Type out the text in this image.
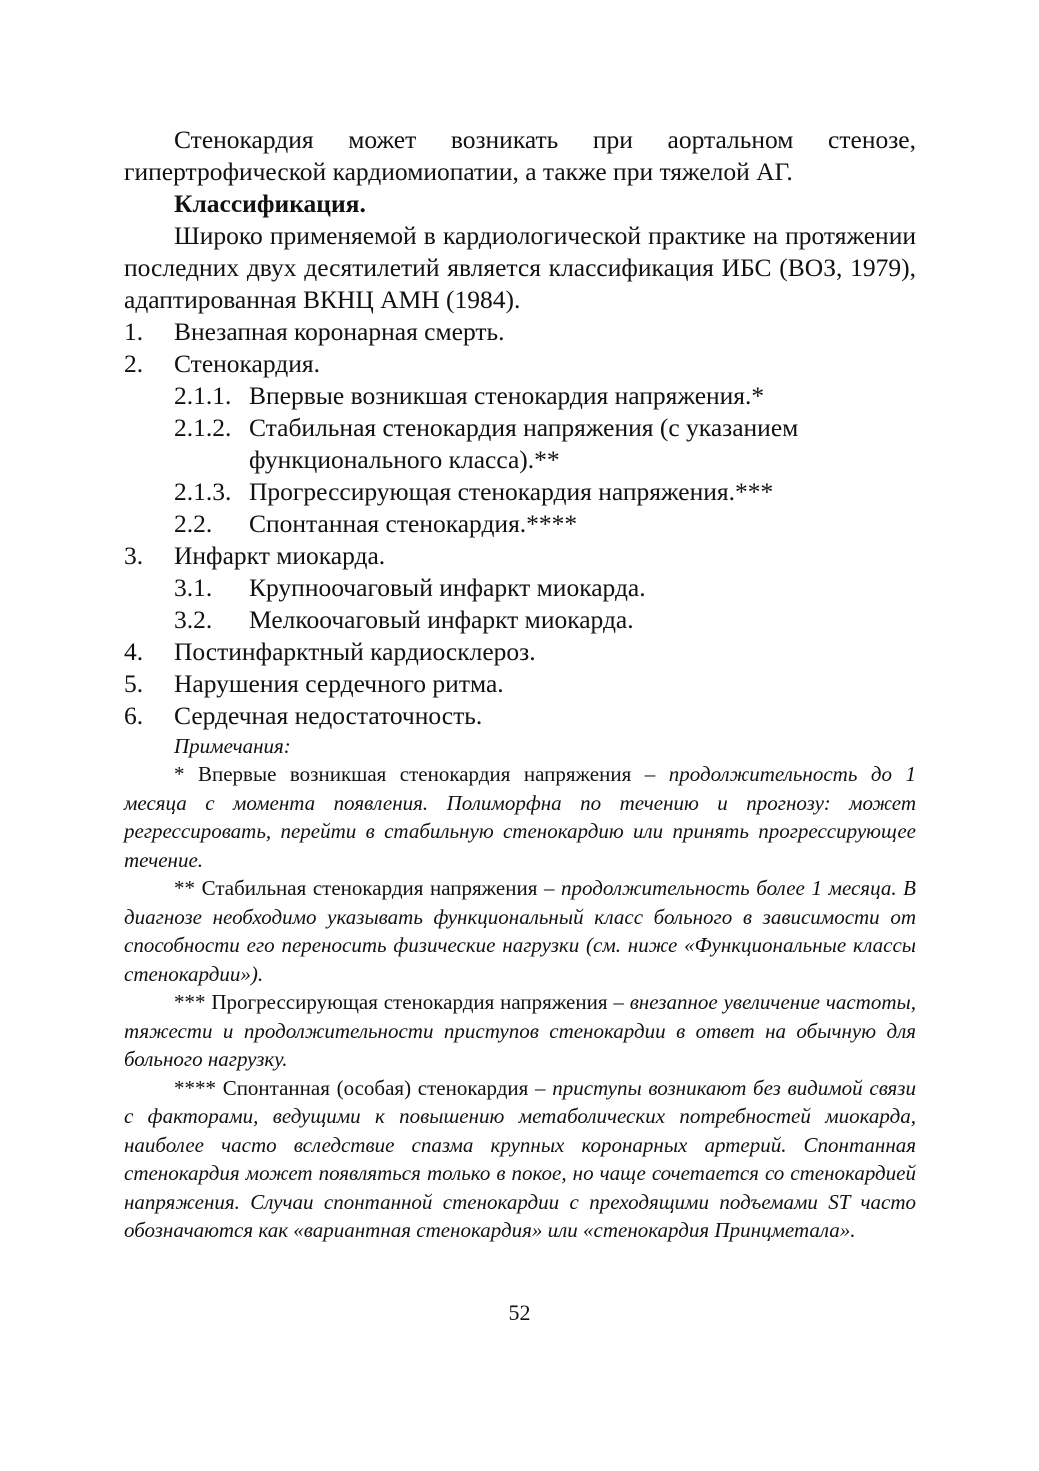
Стенокардия может возникать при аортальном стенозе, гипертрофической кардиомиопатии, а также при тяжелой АГ.

Классификация.

Широко применяемой в кардиологической практике на протяжении последних двух десятилетий является классификация ИБС (ВОЗ, 1979), адаптированная ВКНЦ АМН (1984).

1.	Внезапная коронарная смерть.
2.	Стенокардия.
2.1.1. Впервые возникшая стенокардия напряжения.*
2.1.2. Стабильная стенокардия напряжения (с указанием функционального класса).**
2.1.3. Прогрессирующая стенокардия напряжения.***
2.2.	Спонтанная стенокардия.****
3.	Инфаркт миокарда.
3.1.	Крупноочаговый инфаркт миокарда.
3.2.	Мелкоочаговый инфаркт миокарда.
4.	Постинфарктный кардиосклероз.
5.	Нарушения сердечного ритма.
6.	Сердечная недостаточность.

Примечания:

* Впервые возникшая стенокардия напряжения – продолжительность до 1 месяца с момента появления. Полиморфна по течению и прогнозу: может регрессировать, перейти в стабильную стенокардию или принять прогрессирующее течение.

** Стабильная стенокардия напряжения – продолжительность более 1 месяца. В диагнозе необходимо указывать функциональный класс больного в зависимости от способности его переносить физические нагрузки (см. ниже «Функциональные классы стенокардии»).

*** Прогрессирующая стенокардия напряжения – внезапное увеличение частоты, тяжести и продолжительности приступов стенокардии в ответ на обычную для больного нагрузку.

**** Спонтанная (особая) стенокардия – приступы возникают без видимой связи с факторами, ведущими к повышению метаболических потребностей миокарда, наиболее часто вследствие спазма крупных коронарных артерий. Спонтанная стенокардия может появляться только в покое, но чаще сочетается со стенокардией напряжения. Случаи спонтанной стенокардии с преходящими подъемами ST часто обозначаются как «вариантная стенокардия» или «стенокардия Принцметала».

52
